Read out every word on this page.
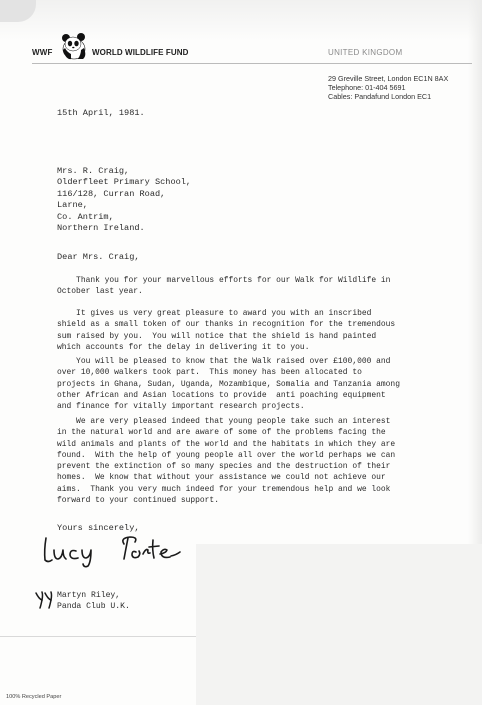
WWF	WORLD WILDLIFE FUND	UNITED KINGDOM
29 Greville Street, London EC1N 8AX
Telephone: 01-404 5691
Cables: Pandafund London EC1
15th April, 1981.
Mrs. R. Craig,
Olderfleet Primary School,
116/128, Curran Road,
Larne,
Co. Antrim,
Northern Ireland.
Dear Mrs. Craig,
Thank you for your marvellous efforts for our Walk for Wildlife in
October last year.
It gives us very great pleasure to award you with an inscribed
shield as a small token of our thanks in recognition for the tremendous
sum raised by you.  You will notice that the shield is hand painted
which accounts for the delay in delivering it to you.
You will be pleased to know that the Walk raised over £100,000 and
over 10,000 walkers took part.  This money has been allocated to
projects in Ghana, Sudan, Uganda, Mozambique, Somalia and Tanzania among
other African and Asian locations to provide  anti poaching equipment
and finance for vitally important research projects.
We are very pleased indeed that young people take such an interest
in the natural world and are aware of some of the problems facing the
wild animals and plants of the world and the habitats in which they are
found.  With the help of young people all over the world perhaps we can
prevent the extinction of so many species and the destruction of their
homes.  We know that without your assistance we could not achieve our
aims.  Thank you very much indeed for your tremendous help and we look
forward to your continued support.
Yours sincerely,
Martyn Riley,
Panda Club U.K.
100% Recycled Paper
